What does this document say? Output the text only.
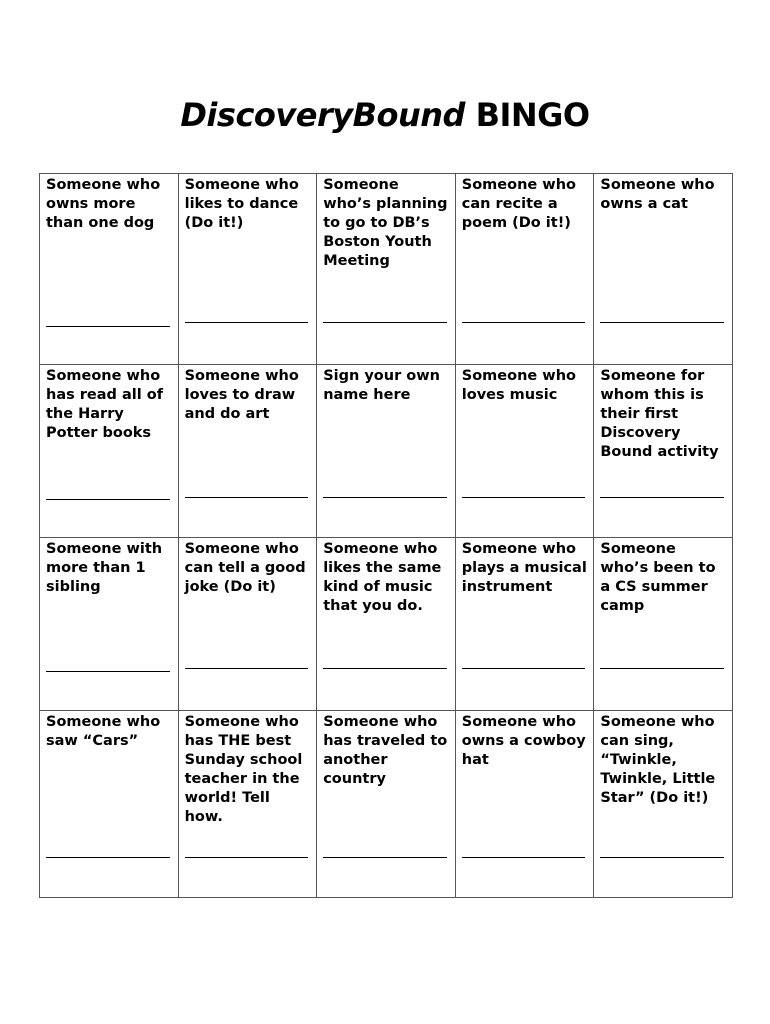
DiscoveryBound BINGO
Someone who owns more than one dog	Someone who likes to dance (Do it!)	Someone who’s planning to go to DB’s Boston Youth Meeting	Someone who can recite a poem (Do it!)	Someone who owns a cat

Someone who has read all of the Harry Potter books	Someone who loves to draw and do art	Sign your own name here	Someone who loves music	Someone for whom this is their first Discovery Bound activity

Someone with more than 1 sibling	Someone who can tell a good joke (Do it)	Someone who likes the same kind of music that you do.	Someone who plays a musical instrument	Someone who’s been to a CS summer camp

Someone who saw “Cars”	Someone who has THE best Sunday school teacher in the world! Tell how.	Someone who has traveled to another country	Someone who owns a cowboy hat	Someone who can sing, “Twinkle, Twinkle, Little Star” (Do it!)
